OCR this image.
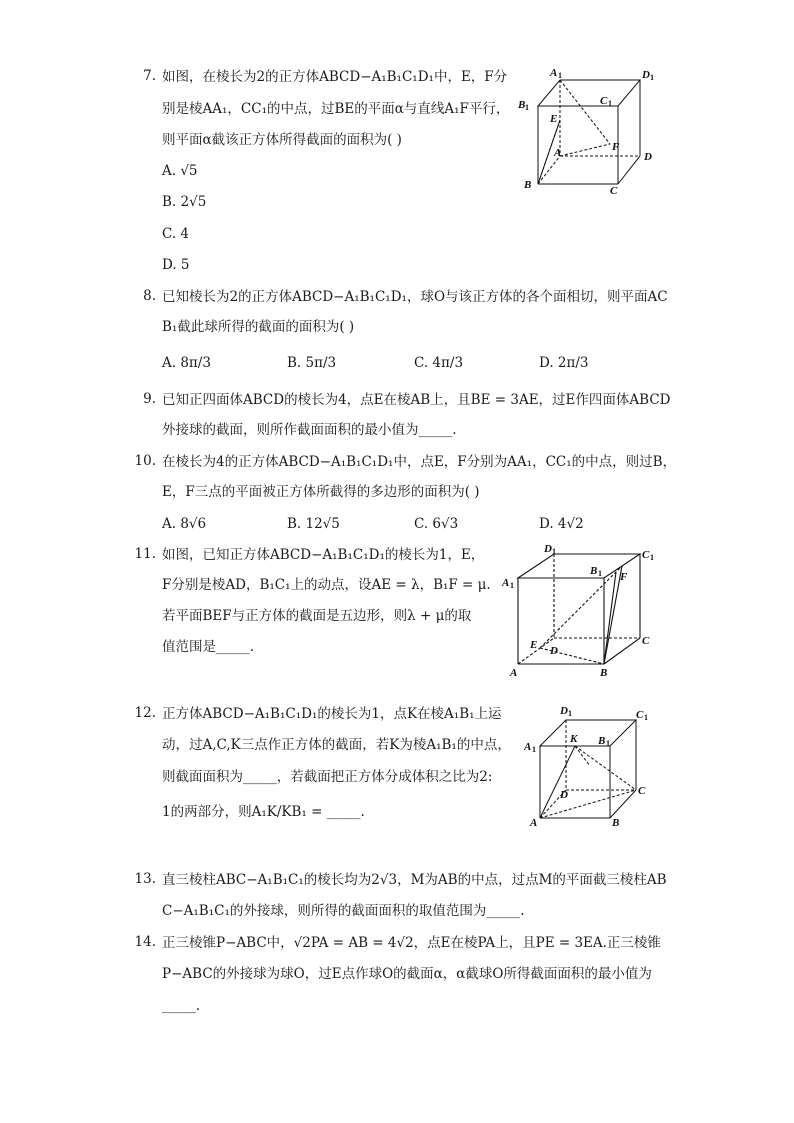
7. 如图，在棱长为2的正方体ABCD−A₁B₁C₁D₁中，E，F分
别是棱AA₁，CC₁的中点，过BE的平面α与直线A₁F平行，
则平面α截该正方体所得截面的面积为( )
A. √5
B. 2√5
C. 4
D. 5
A 1	D 1
B 1
C 1
E
F
A	D
B	C
8. 已知棱长为2的正方体ABCD−A₁B₁C₁D₁，球O与该正方体的各个面相切，则平面AC
B₁截此球所得的截面的面积为( )
A. 8π/3	B. 5π/3	C. 4π/3	D. 2π/3
9. 已知正四面体ABCD的棱长为4，点E在棱AB上，且BE = 3AE，过E作四面体ABCD
外接球的截面，则所作截面面积的最小值为_____.
10. 在棱长为4的正方体ABCD−A₁B₁C₁D₁中，点E，F分别为AA₁，CC₁的中点，则过B，
E，F三点的平面被正方体所截得的多边形的面积为( )
A. 8√6	B. 12√5	C. 6√3	D. 4√2
11. 如图，已知正方体ABCD−A₁B₁C₁D₁的棱长为1，E，
F分别是棱AD，B₁C₁上的动点，设AE = λ，B₁F = μ.
若平面BEF与正方体的截面是五边形，则λ + μ的取
值范围是_____.
D 1	C 1
A 1
B 1 F
E D
C
A	B
12. 正方体ABCD−A₁B₁C₁D₁的棱长为1，点K在棱A₁B₁上运
动，过A,C,K三点作正方体的截面，若K为棱A₁B₁的中点，
则截面面积为_____，若截面把正方体分成体积之比为2:
1的两部分，则A₁K/KB₁ = _____.
D 1	C 1
A 1
K B 1
D	C
A	B
13. 直三棱柱ABC−A₁B₁C₁的棱长均为2√3，M为AB的中点，过点M的平面截三棱柱AB
C−A₁B₁C₁的外接球，则所得的截面面积的取值范围为_____.
14. 正三棱锥P−ABC中，√2PA = AB = 4√2，点E在棱PA上，且PE = 3EA.正三棱锥
P−ABC的外接球为球O，过E点作球O的截面α，α截球O所得截面面积的最小值为
_____.
